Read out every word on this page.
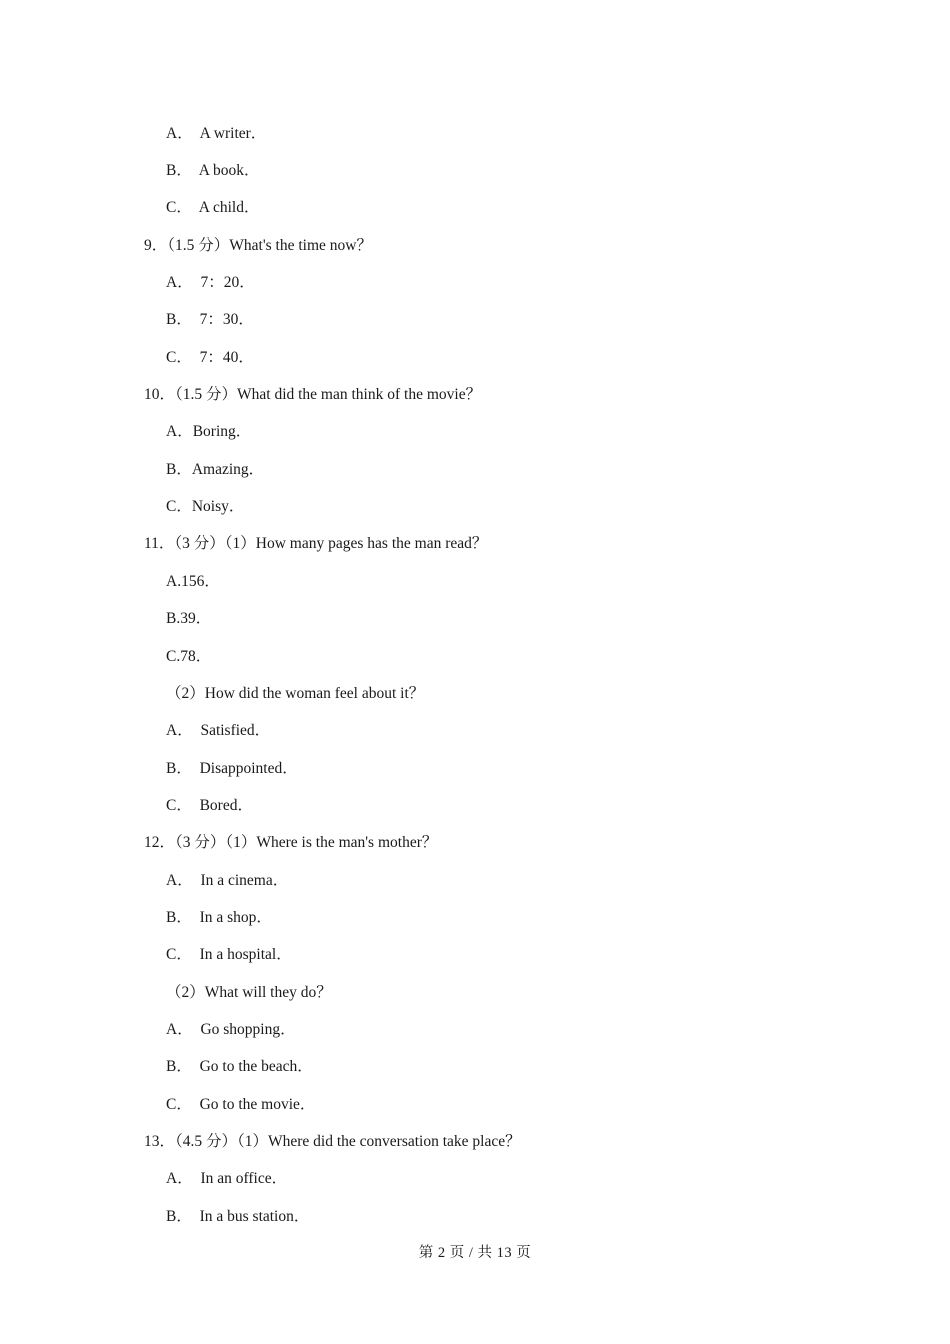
A．  A writer．
B．  A book．
C．  A child．
9．（1.5 分）What's the time now？
A．  7：20．
B．  7：30．
C．  7：40．
10．（1.5 分）What did the man think of the movie？
A．Boring．
B．Amazing．
C．Noisy．
11．（3 分）（1）How many pages has the man read？
A.156．
B.39．
C.78．
（2）How did the woman feel about it？
A．  Satisfied．
B．  Disappointed．
C．  Bored．
12．（3 分）（1）Where is the man's mother？
A．  In a cinema．
B．  In a shop．
C．  In a hospital．
（2）What will they do？
A．  Go shopping．
B．  Go to the beach．
C．  Go to the movie．
13．（4.5 分）（1）Where did the conversation take place？
A．  In an office．
B．  In a bus station．
第 2 页 / 共 13 页
